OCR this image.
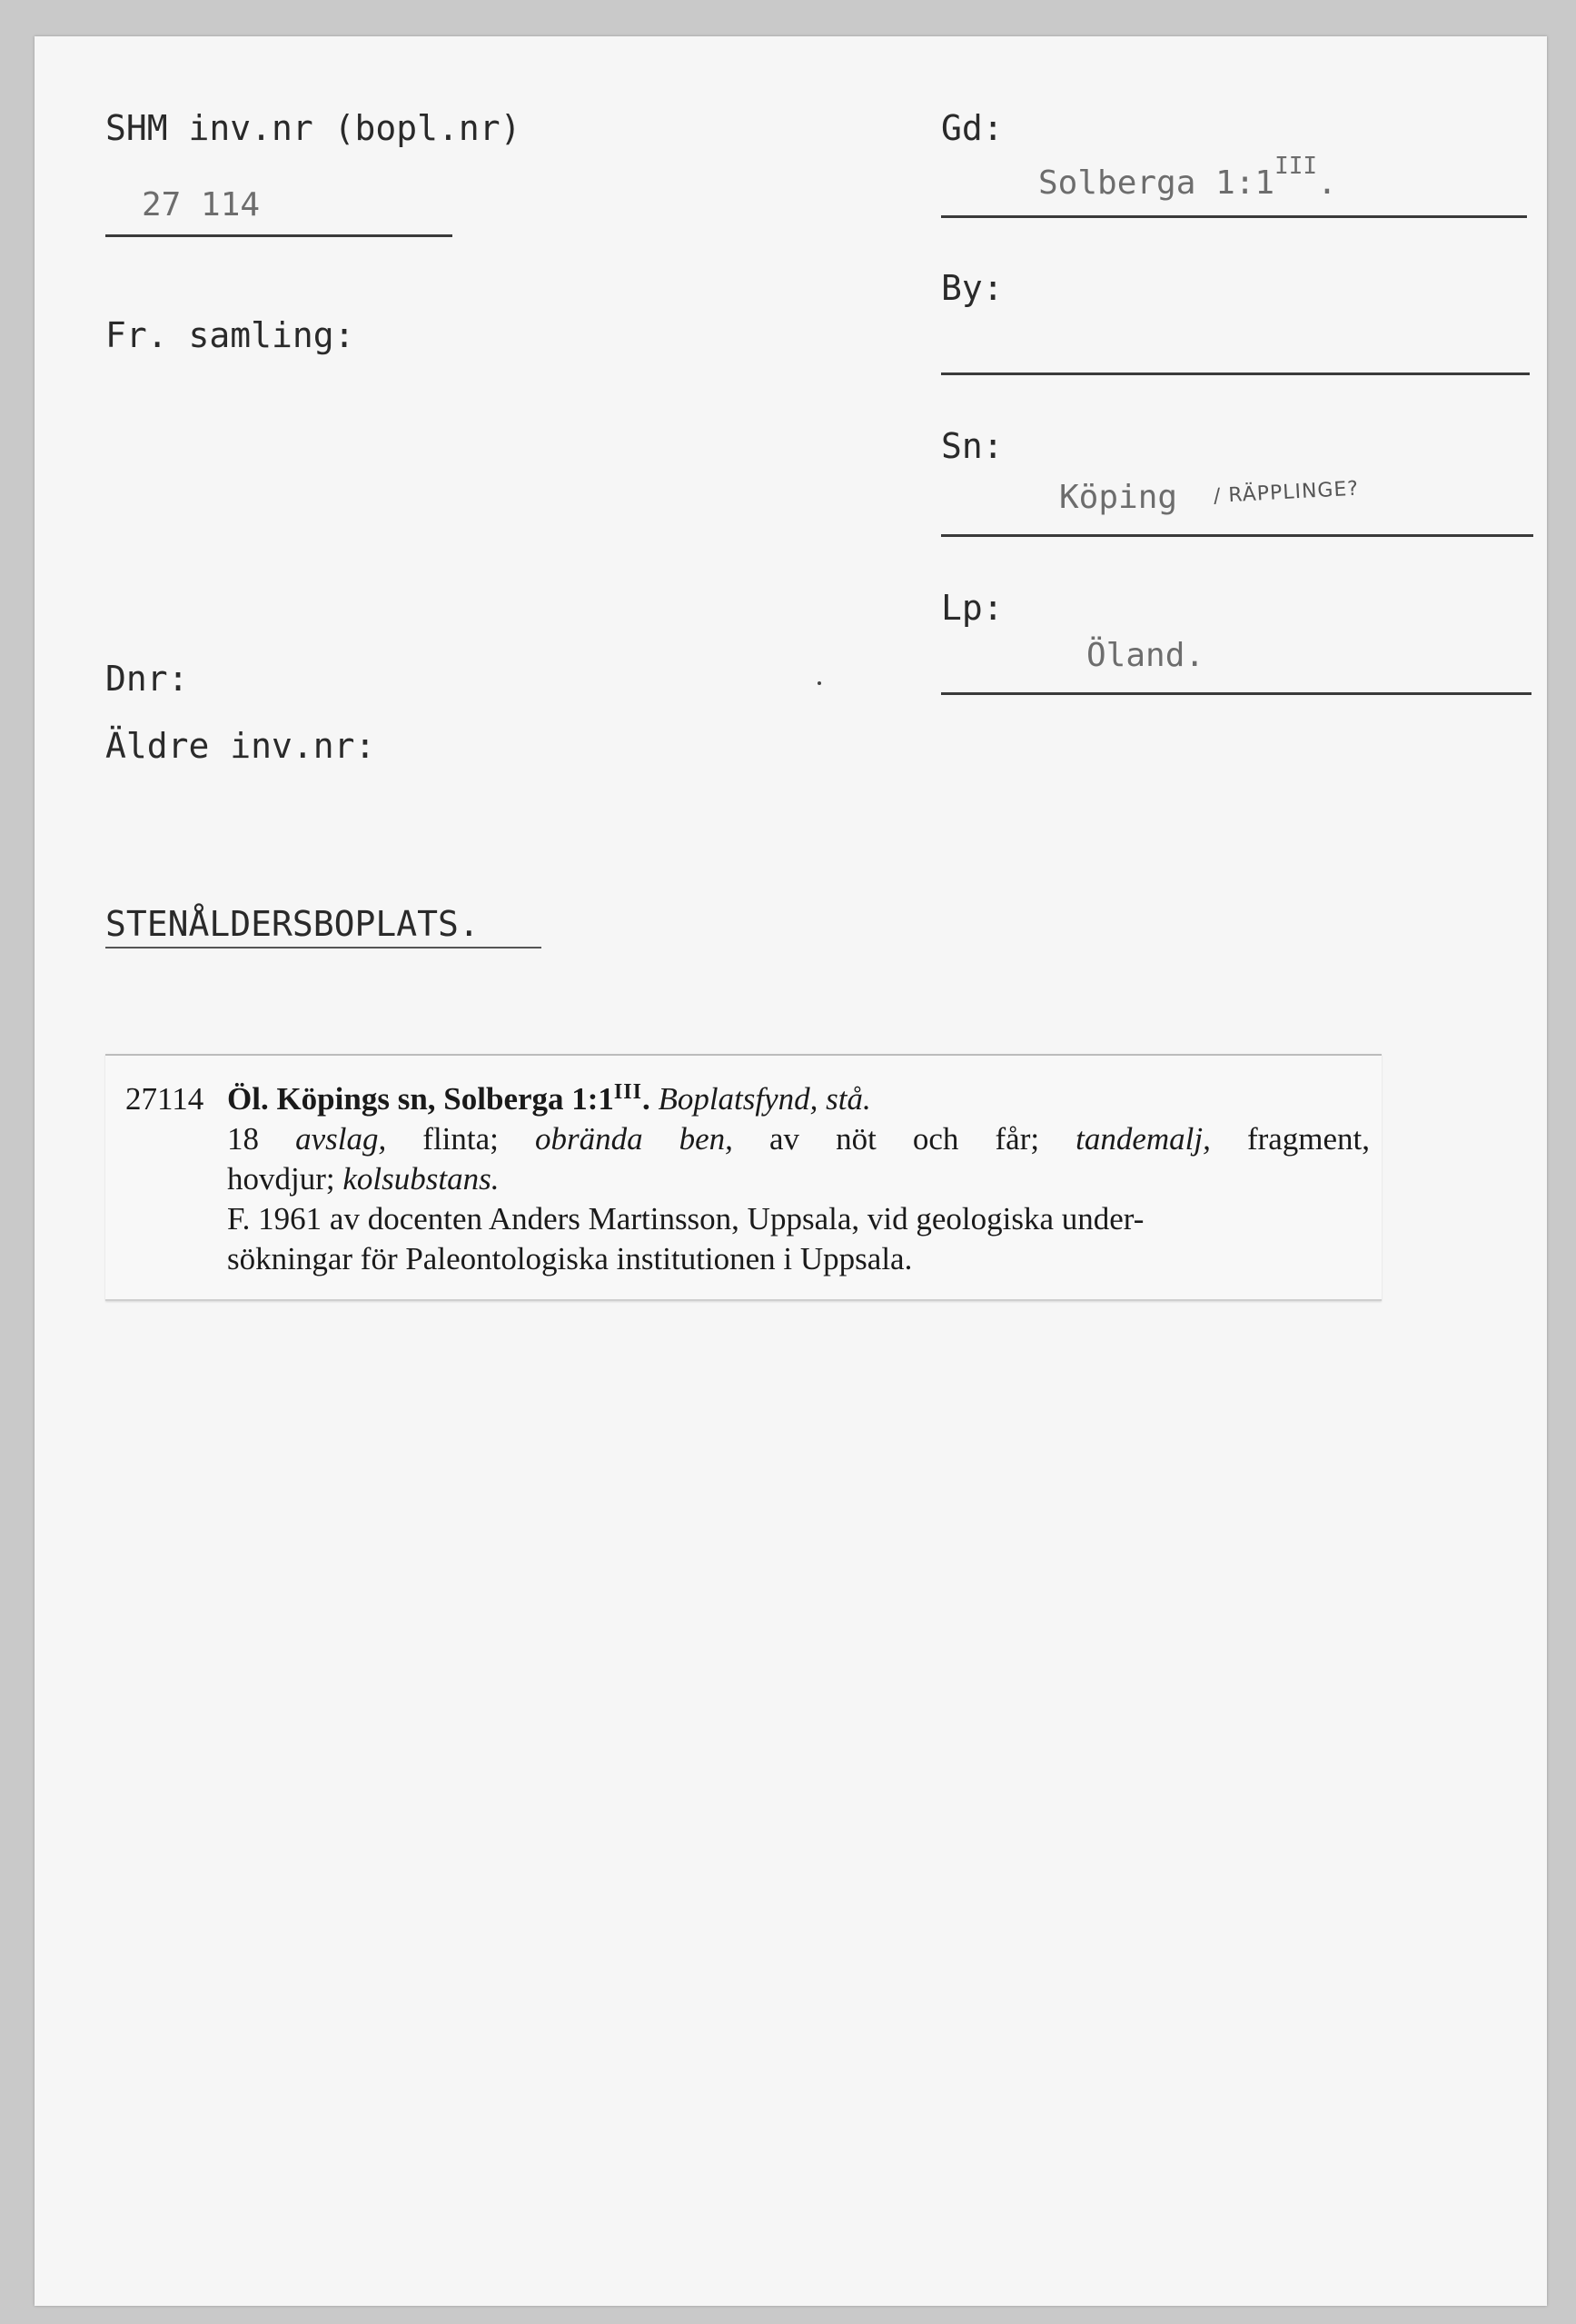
SHM inv.nr (bopl.nr)
27 114
Fr. samling:
Dnr:
Äldre inv.nr:
STENÅLDERSBOPLATS.
Gd:
Solberga $1:1^{III}$.
By:
Sn:
Köping / RÄPPLINGE?
Lp:
Öland.
27114 Öl. Köpings sn, Solberga $1:1^{III}$. Boplatsfynd, stå.
18 avslag, flinta; obrända ben, av nöt och får; tandemalj, fragment,
hovdjur; kolsubstans.
F. 1961 av docenten Anders Martinsson, Uppsala, vid geologiska under-
sökningar för Paleontologiska institutionen i Uppsala.
